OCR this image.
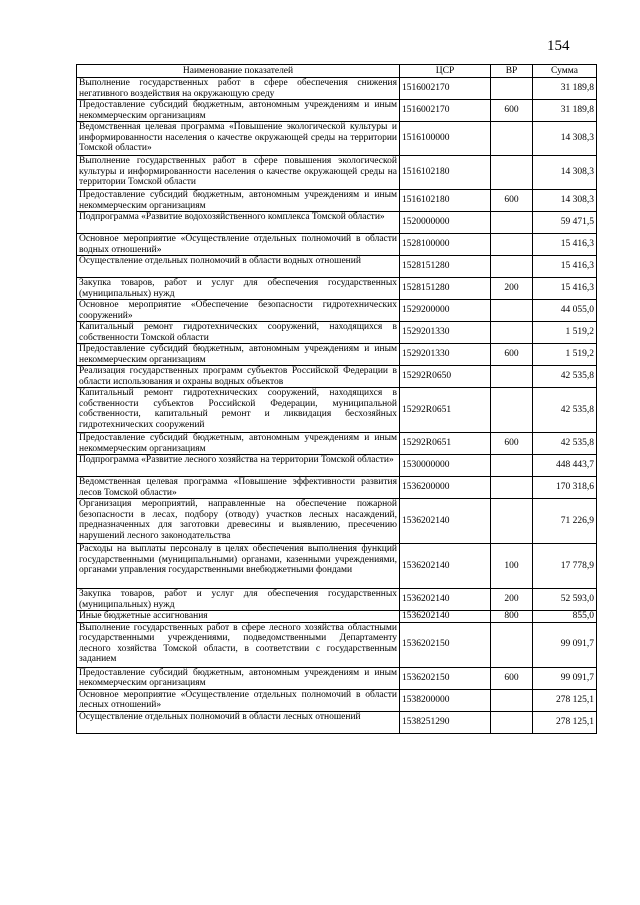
154
Наименование показателей	ЦСР	ВР	Сумма
Выполнение государственных работ в сфере обеспечения снижения негативного воздействия на окружающую среду	1516002170		31 189,8
Предоставление субсидий бюджетным, автономным учреждениям и иным некоммерческим организациям	1516002170	600	31 189,8
Ведомственная целевая программа «Повышение экологической культуры и информированности населения о качестве окружающей среды на территории Томской области»	1516100000		14 308,3
Выполнение государственных работ в сфере повышения экологической культуры и информированности населения о качестве окружающей среды на территории Томской области	1516102180		14 308,3
Предоставление субсидий бюджетным, автономным учреждениям и иным некоммерческим организациям	1516102180	600	14 308,3
Подпрограмма «Развитие водохозяйственного комплекса Томской области»	1520000000		59 471,5
Основное мероприятие «Осуществление отдельных полномочий в области водных отношений»	1528100000		15 416,3
Осуществление отдельных полномочий в области водных отношений	1528151280		15 416,3
Закупка товаров, работ и услуг для обеспечения государственных (муниципальных) нужд	1528151280	200	15 416,3
Основное мероприятие «Обеспечение безопасности гидротехнических сооружений»	1529200000		44 055,0
Капитальный ремонт гидротехнических сооружений, находящихся в собственности Томской области	1529201330		1 519,2
Предоставление субсидий бюджетным, автономным учреждениям и иным некоммерческим организациям	1529201330	600	1 519,2
Реализация государственных программ субъектов Российской Федерации в области использования и охраны водных объектов	15292R0650		42 535,8
Капитальный ремонт гидротехнических сооружений, находящихся в собственности субъектов Российской Федерации, муниципальной собственности, капитальный ремонт и ликвидация бесхозяйных гидротехнических сооружений	15292R0651		42 535,8
Предоставление субсидий бюджетным, автономным учреждениям и иным некоммерческим организациям	15292R0651	600	42 535,8
Подпрограмма «Развитие лесного хозяйства на территории Томской области»	1530000000		448 443,7
Ведомственная целевая программа «Повышение эффективности развития лесов Томской области»	1536200000		170 318,6
Организация мероприятий, направленные на обеспечение пожарной безопасности в лесах, подбору (отводу) участков лесных насаждений, предназначенных для заготовки древесины и выявлению, пресечению нарушений лесного законодательства	1536202140		71 226,9
Расходы на выплаты персоналу в целях обеспечения выполнения функций государственными (муниципальными) органами, казенными учреждениями, органами управления государственными внебюджетными фондами	1536202140	100	17 778,9
Закупка товаров, работ и услуг для обеспечения государственных (муниципальных) нужд	1536202140	200	52 593,0
Иные бюджетные ассигнования	1536202140	800	855,0
Выполнение государственных работ в сфере лесного хозяйства областными государственными учреждениями, подведомственными Департаменту лесного хозяйства Томской области, в соответствии с государственным заданием	1536202150		99 091,7
Предоставление субсидий бюджетным, автономным учреждениям и иным некоммерческим организациям	1536202150	600	99 091,7
Основное мероприятие «Осуществление отдельных полномочий в области лесных отношений»	1538200000		278 125,1
Осуществление отдельных полномочий в области лесных отношений	1538251290		278 125,1
